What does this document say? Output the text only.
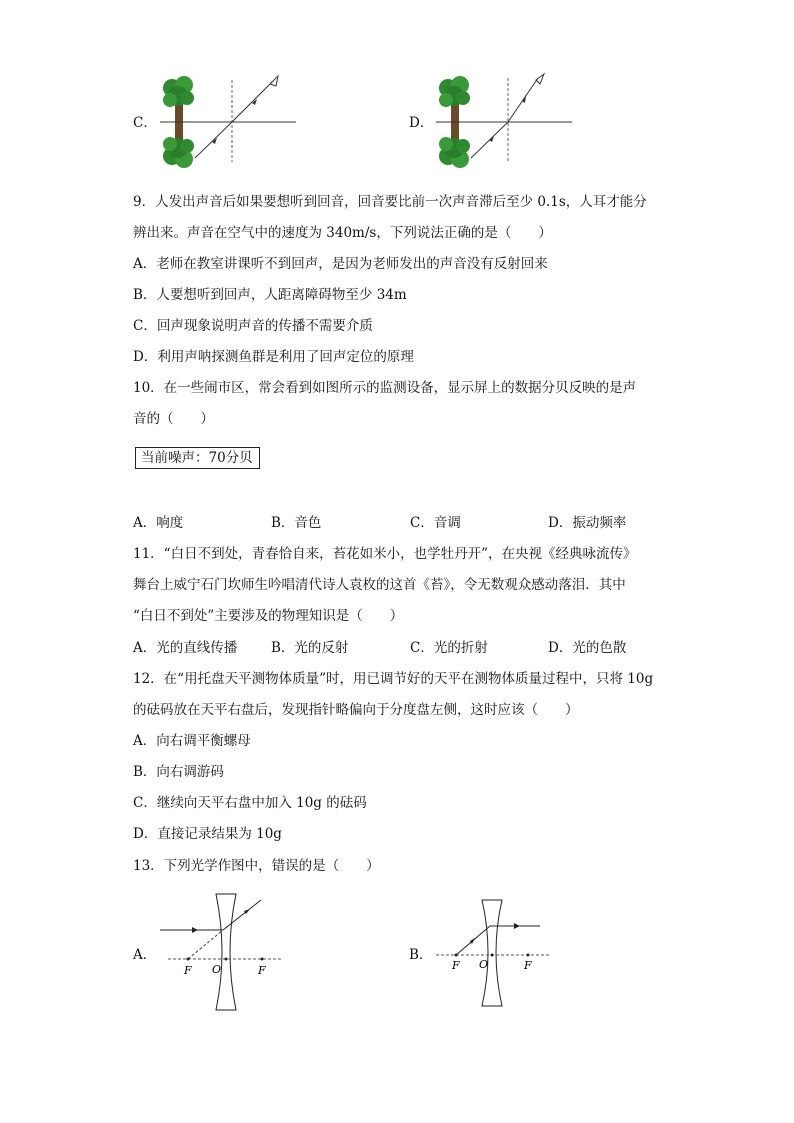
C．	D．
9．人发出声音后如果要想听到回音，回音要比前一次声音滞后至少 0.1s，人耳才能分
辨出来。声音在空气中的速度为 340m/s，下列说法正确的是（　　）
A．老师在教室讲课听不到回声，是因为老师发出的声音没有反射回来
B．人要想听到回声，人距离障碍物至少 34m
C．回声现象说明声音的传播不需要介质
D．利用声呐探测鱼群是利用了回声定位的原理
10．在一些闹市区，常会看到如图所示的监测设备，显示屏上的数据分贝反映的是声
音的（　　）
当前噪声：70分贝
A．响度	B．音色	C．音调	D．振动频率
11．“白日不到处，青春恰自来，苔花如米小，也学牡丹开”，在央视《经典咏流传》
舞台上威宁石门坎师生吟唱清代诗人袁枚的这首《苔》，令无数观众感动落泪．其中
“白日不到处”主要涉及的物理知识是（　　）
A．光的直线传播	B．光的反射	C．光的折射	D．光的色散
12．在“用托盘天平测物体质量”时，用已调节好的天平在测物体质量过程中，只将 10g
的砝码放在天平右盘后，发现指针略偏向于分度盘左侧，这时应该（　　）
A．向右调平衡螺母
B．向右调游码
C．继续向天平右盘中加入 10g 的砝码
D．直接记录结果为 10g
13．下列光学作图中，错误的是（　　）
A．
F O	F
B．
F O	F
